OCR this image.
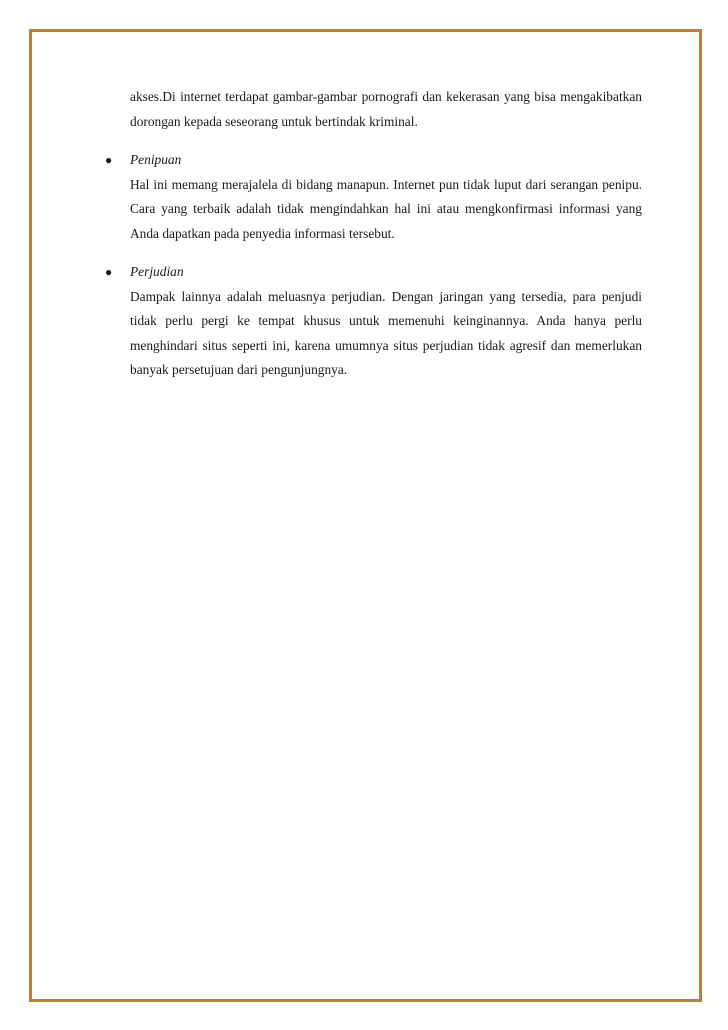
akses.Di internet terdapat gambar-gambar pornografi dan kekerasan yang bisa mengakibatkan dorongan kepada seseorang untuk bertindak kriminal.

● Penipuan

Hal ini memang merajalela di bidang manapun. Internet pun tidak luput dari serangan penipu. Cara yang terbaik adalah tidak mengindahkan hal ini atau mengkonfirmasi informasi yang Anda dapatkan pada penyedia informasi tersebut.

● Perjudian

Dampak lainnya adalah meluasnya perjudian. Dengan jaringan yang tersedia, para penjudi tidak perlu pergi ke tempat khusus untuk memenuhi keinginannya. Anda hanya perlu menghindari situs seperti ini, karena umumnya situs perjudian tidak agresif dan memerlukan banyak persetujuan dari pengunjungnya.
